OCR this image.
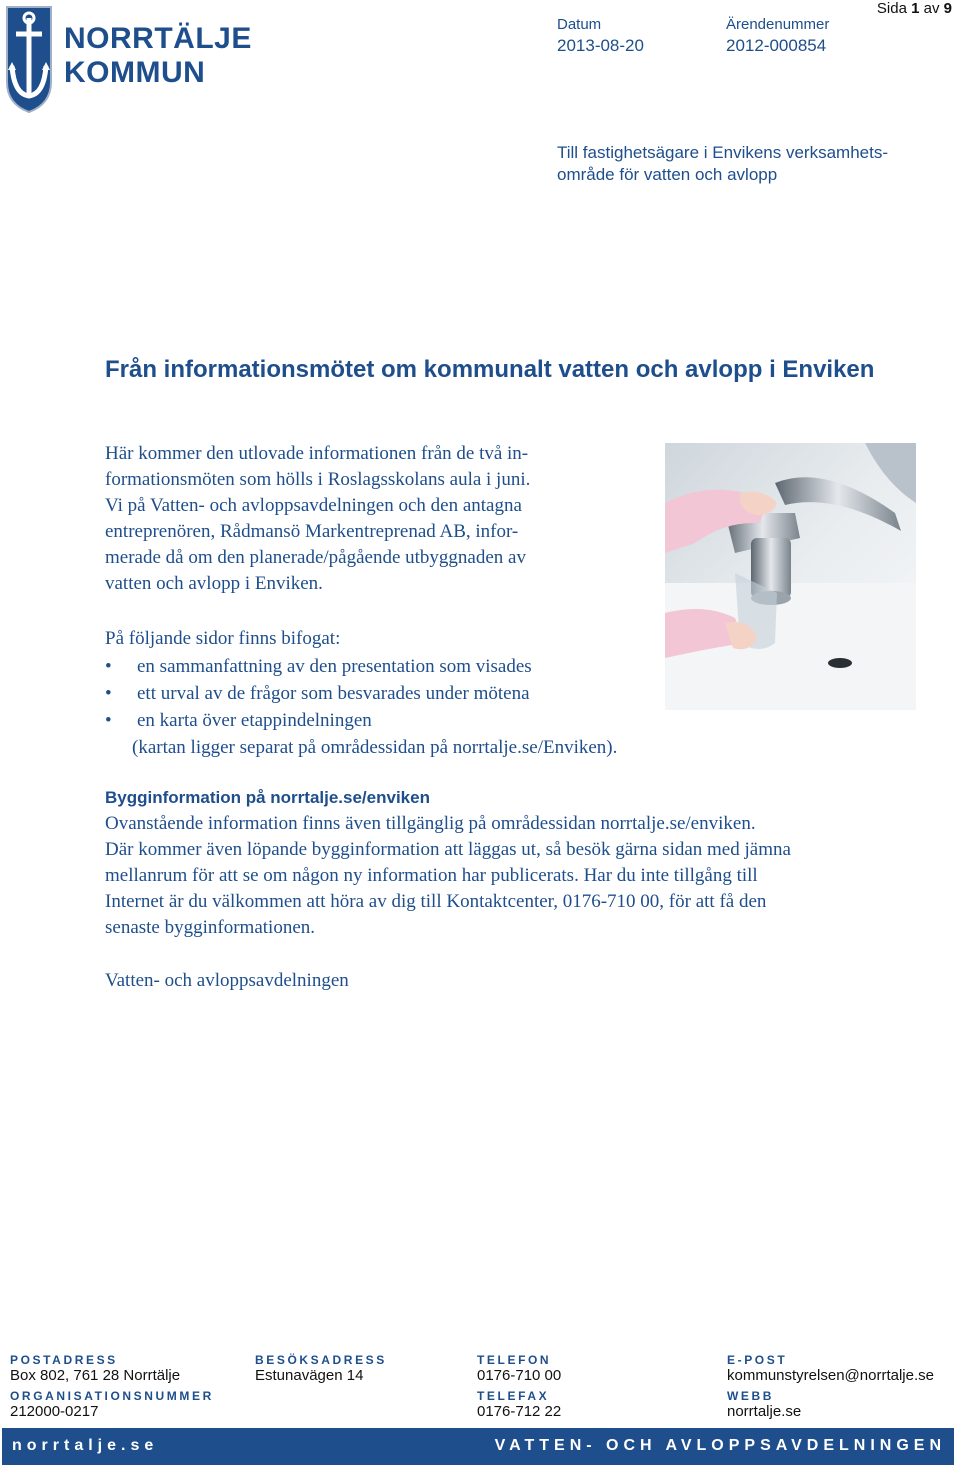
NORRTÄLJE
KOMMUN
Datum
2013-08-20
Ärendenummer
2012-000854
Sida 1 av 9
Till fastighetsägare i Envikens verksamhets-
område för vatten och avlopp
Från informationsmötet om kommunalt vatten och avlopp i Enviken
Här kommer den utlovade informationen från de två in-
formationsmöten som hölls i Roslagsskolans aula i juni.
Vi på Vatten- och avloppsavdelningen och den antagna
entreprenören, Rådmansö Markentreprenad AB, infor-
merade då om den planerade/pågående utbyggnaden av
vatten och avlopp i Enviken.
På följande sidor finns bifogat:
• en sammanfattning av den presentation som visades
• ett urval av de frågor som besvarades under mötena
• en karta över etappindelningen
(kartan ligger separat på områdessidan på norrtalje.se/Enviken).
Bygginformation på norrtalje.se/enviken
Ovanstående information finns även tillgänglig på områdessidan norrtalje.se/enviken.
Där kommer även löpande bygginformation att läggas ut, så besök gärna sidan med jämna
mellanrum för att se om någon ny information har publicerats. Har du inte tillgång till
Internet är du välkommen att höra av dig till Kontaktcenter, 0176-710 00, för att få den
senaste bygginformationen.
Vatten- och avloppsavdelningen
POSTADRESS
Box 802, 761 28 Norrtälje
BESÖKSADRESS
Estunavägen 14
TELEFON
0176-710 00
E-POST
kommunstyrelsen@norrtalje.se
ORGANISATIONSNUMMER
212000-0217
TELEFAX
0176-712 22
WEBB
norrtalje.se
norrtalje.se	VATTEN- OCH AVLOPPSAVDELNINGEN
